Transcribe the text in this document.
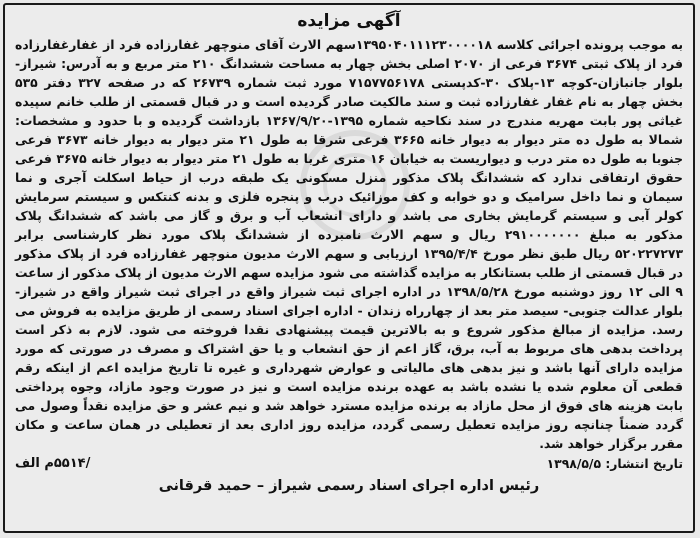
آگهی مزایده

به موجب پرونده اجرائی کلاسه ۱۳۹۵۰۴۰۱۱۱۲۳۰۰۰۰۱۸سهم الارث آقای منوچهر غفارزاده فرد از غفارغفارزاده فرد از پلاک ثبتی ۳۶۷۴ فرعی از ۲۰۷۰ اصلی بخش چهار به مساحت ششدانگ ۲۱۰ متر مربع و به آدرس: شیراز- بلوار جانبازان-کوچه ۱۳-پلاک ۳۰-کدپستی ۷۱۵۷۷۵۶۱۷۸ مورد ثبت شماره ۲۶۷۳۹ که در صفحه ۳۲۷ دفتر ۵۳۵ بخش چهار به نام غفار غفارزاده ثبت و سند مالکیت صادر گردیده است و در قبال قسمتی از طلب خانم سپیده غیاثی پور بابت مهریه مندرج در سند نکاحیه شماره ۱۳۹۵-۱۳۶۷/۹/۲۰ بازداشت گردیده و با حدود و مشخصات: شمالا به طول ده متر دیوار به دیوار خانه ۳۶۶۵ فرعی شرقا به طول ۲۱ متر دیوار به دیوار خانه ۳۶۷۳ فرعی جنوبا به طول ده متر درب و دیواریست به خیابان ۱۶ متری غربا به طول ۲۱ متر دیوار به دیوار خانه ۳۶۷۵ فرعی حقوق ارتفاقی ندارد که ششدانگ پلاک مذکور منزل مسکونی یک طبقه درب از حیاط اسکلت آجری و نما سیمان و نما داخل سرامیک و دو خوابه و کف موزائیک درب و پنجره فلزی و بدنه کنتکس و سیستم سرمایش کولر آبی و سیستم گرمایش بخاری می باشد و دارای انشعاب آب و برق و گاز می باشد که ششدانگ پلاک مذکور به مبلغ ۲۹۱۰۰۰۰۰۰۰ ریال و سهم الارث نامبرده از ششدانگ پلاک مورد نظر کارشناسی برابر ۵۲۰۲۲۷۲۷۳ ریال طبق نظر مورخ ۱۳۹۵/۴/۴ ارزیابی و سهم الارث مدیون منوچهر غفارزاده فرد از پلاک مذکور در قبال قسمتی از طلب بستانکار به مزایده گذاشته می شود مزایده سهم الارث مدیون از پلاک مذکور از ساعت ۹ الی ۱۲ روز دوشنبه مورخ ۱۳۹۸/۵/۲۸ در اداره اجرای ثبت شیراز واقع در اجرای ثبت شیراز واقع در شیراز- بلوار عدالت جنوبی- سیصد متر بعد از چهارراه زندان - اداره اجرای اسناد رسمی از طریق مزایده به فروش می رسد. مزایده از مبالغ مذکور شروع و به بالاترین قیمت پیشنهادی نقدا فروخته می شود. لازم به ذکر است پرداخت بدهی های مربوط به آب، برق، گاز اعم از حق انشعاب و یا حق اشتراک و مصرف در صورتی که مورد مزایده دارای آنها باشد و نیز بدهی های مالیاتی و عوارض شهرداری و غیره تا تاریخ مزایده اعم از اینکه رقم قطعی آن معلوم شده یا نشده باشد به عهده برنده مزایده است و نیز در صورت وجود مازاد، وجوه پرداختی بابت هزینه های فوق از محل مازاد به برنده مزایده مسترد خواهد شد و نیم عشر و حق مزایده نقداً وصول می گردد ضمناً چنانچه روز مزایده تعطیل رسمی گردد، مزایده روز اداری بعد از تعطیلی در همان ساعت و مکان مقرر برگزار خواهد شد.

تاریخ انتشار: ۱۳۹۸/۵/۵
/۵۵۱۴م الف
رئیس اداره اجرای اسناد رسمی شیراز – حمید قرقانی
